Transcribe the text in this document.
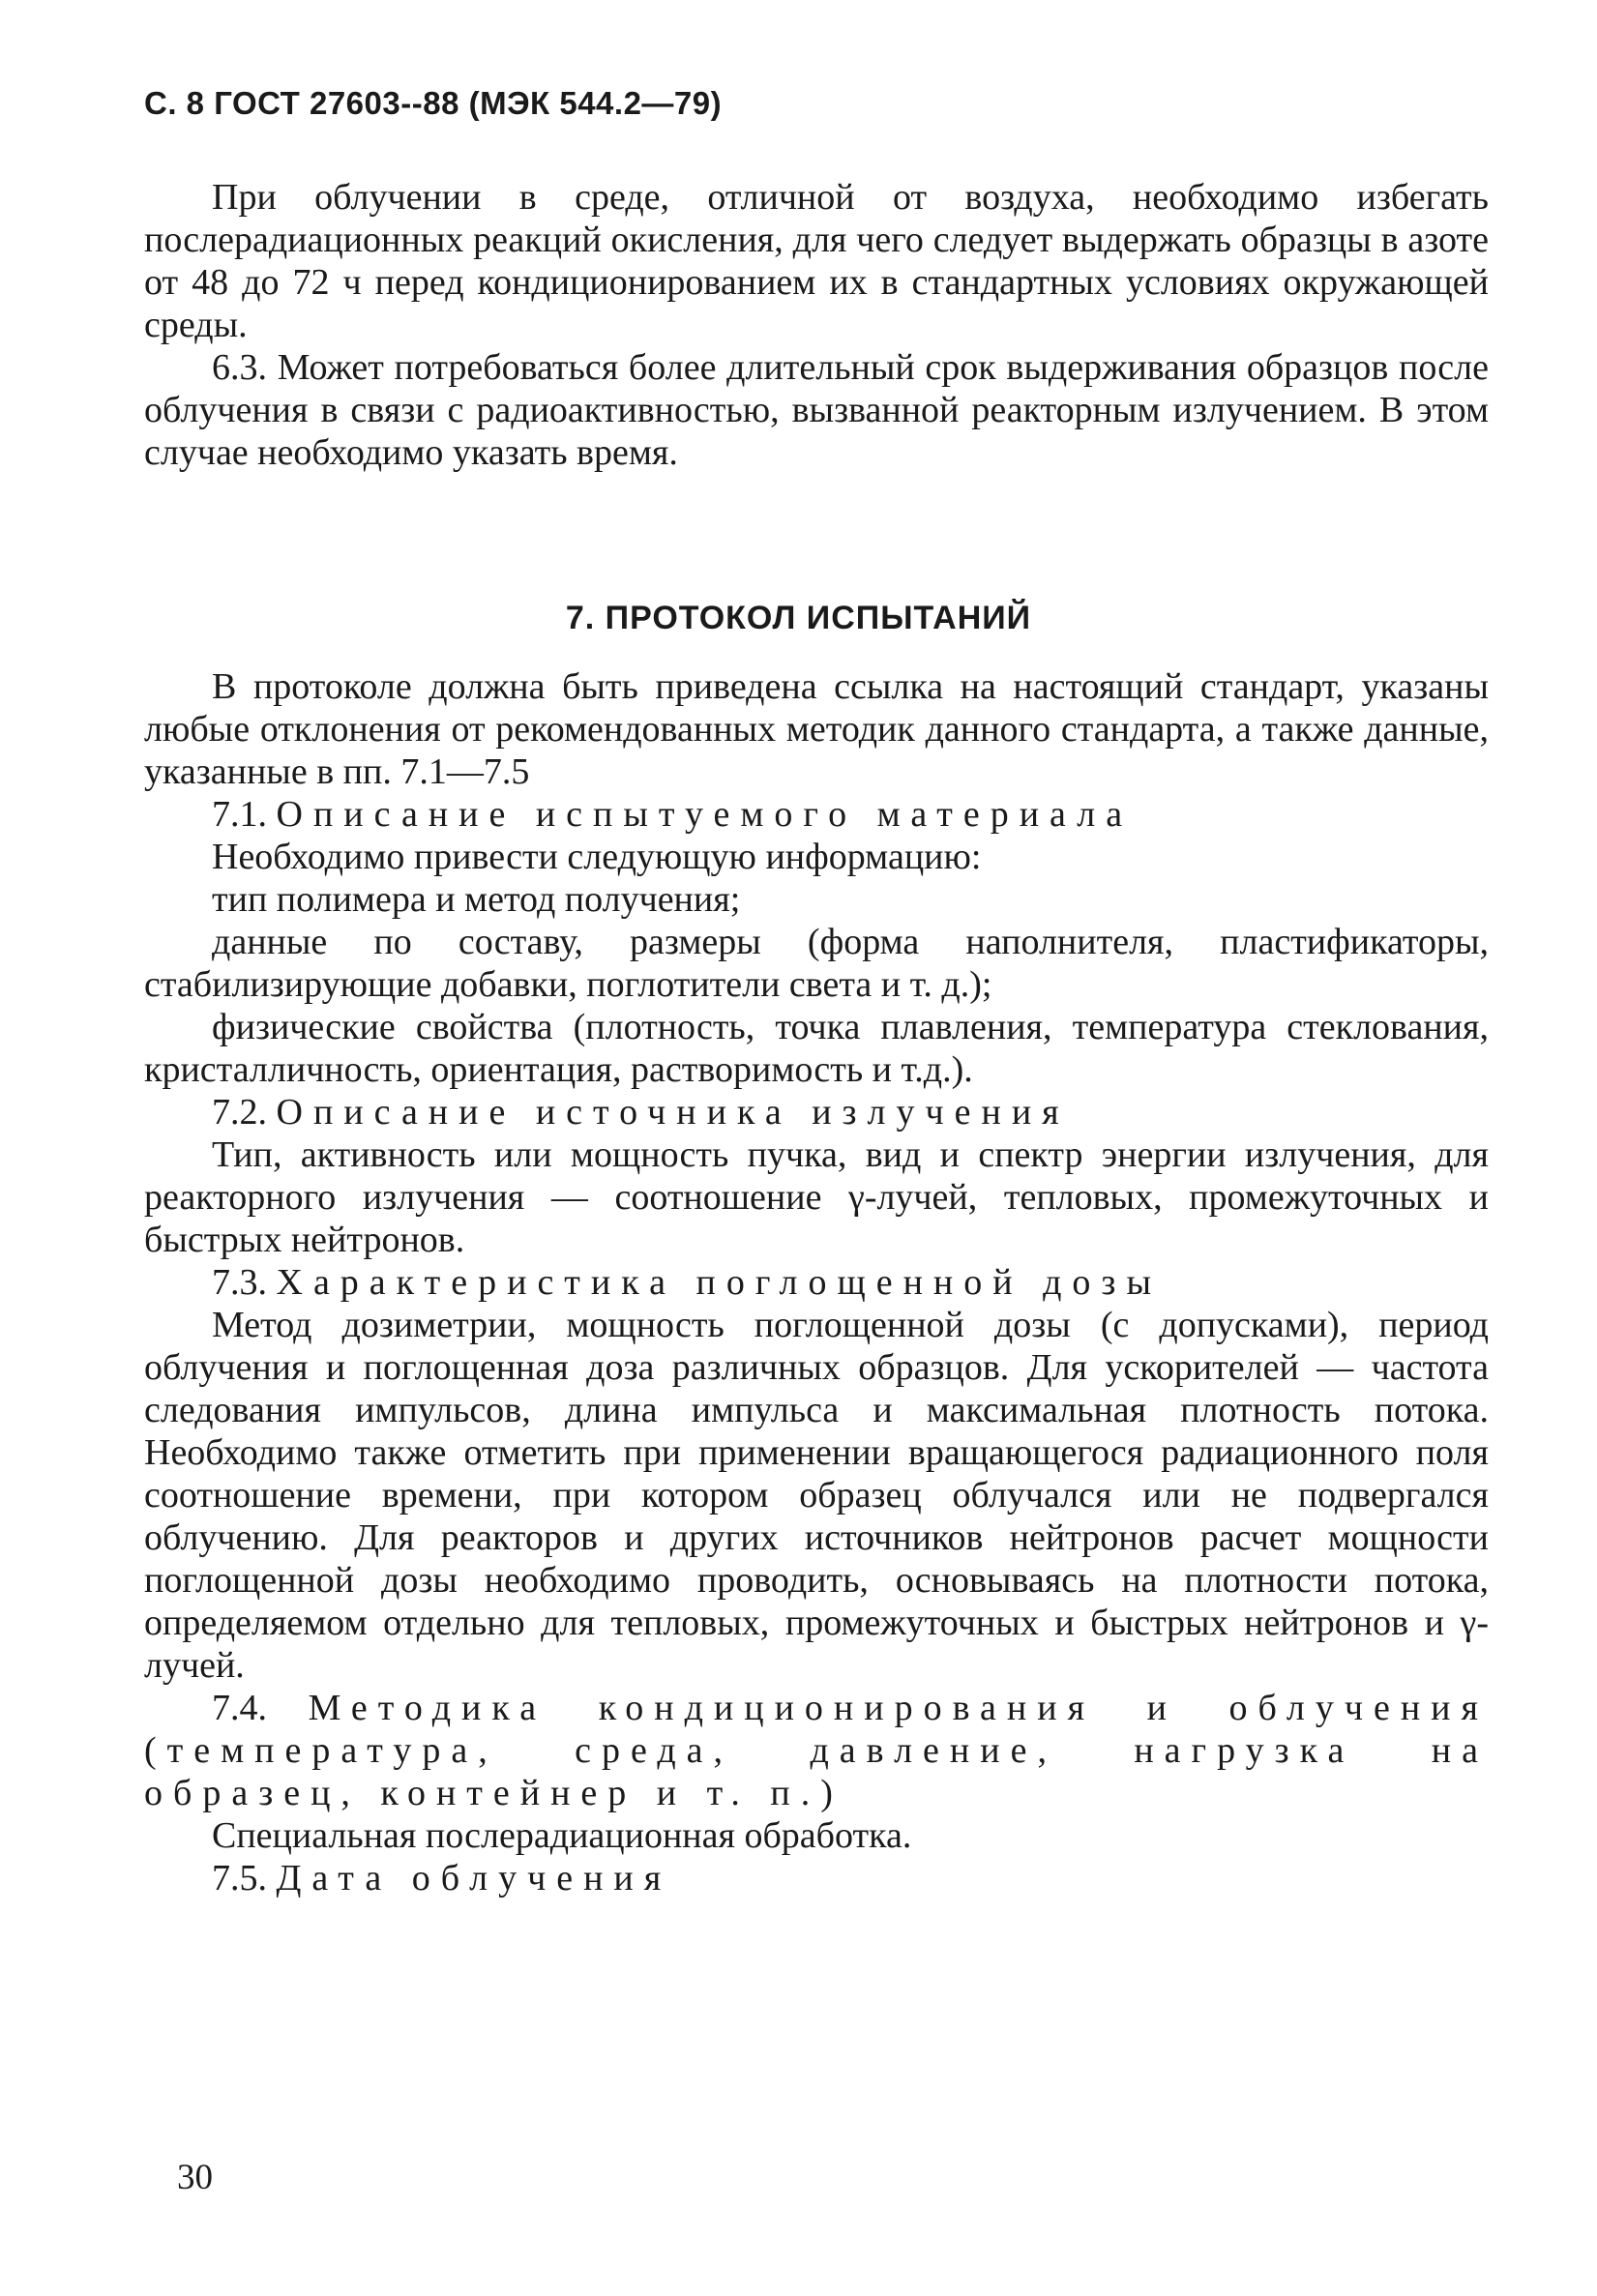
С. 8 ГОСТ 27603--88 (МЭК 544.2—79)

При облучении в среде, отличной от воздуха, необходимо избегать послерадиационных реакций окисления, для чего следует выдержать образцы в азоте от 48 до 72 ч перед кондиционированием их в стандартных условиях окружающей среды.

6.3. Может потребоваться более длительный срок выдерживания образцов после облучения в связи с радиоактивностью, вызванной реакторным излучением. В этом случае необходимо указать время.

7. ПРОТОКОЛ ИСПЫТАНИЙ

В протоколе должна быть приведена ссылка на настоящий стандарт, указаны любые отклонения от рекомендованных методик данного стандарта, а также данные, указанные в пп. 7.1—7.5

7.1. Описание испытуемого материала

Необходимо привести следующую информацию:

тип полимера и метод получения;

данные по составу, размеры (форма наполнителя, пластификаторы, стабилизирующие добавки, поглотители света и т. д.);

физические свойства (плотность, точка плавления, температура стеклования, кристалличность, ориентация, растворимость и т.д.).

7.2. Описание источника излучения

Тип, активность или мощность пучка, вид и спектр энергии излучения, для реакторного излучения — соотношение γ-лучей, тепловых, промежуточных и быстрых нейтронов.

7.3. Характеристика поглощенной дозы

Метод дозиметрии, мощность поглощенной дозы (с допусками), период облучения и поглощенная доза различных образцов. Для ускорителей — частота следования импульсов, длина импульса и максимальная плотность потока. Необходимо также отметить при применении вращающегося радиационного поля соотношение времени, при котором образец облучался или не подвергался облучению. Для реакторов и других источников нейтронов расчет мощности поглощенной дозы необходимо проводить, основываясь на плотности потока, определяемом отдельно для тепловых, промежуточных и быстрых нейтронов и γ-лучей.

7.4. Методика кондиционирования и облучения (температура, среда, давление, нагрузка на образец, контейнер и т. п.)

Специальная послерадиационная обработка.

7.5. Дата облучения

30
